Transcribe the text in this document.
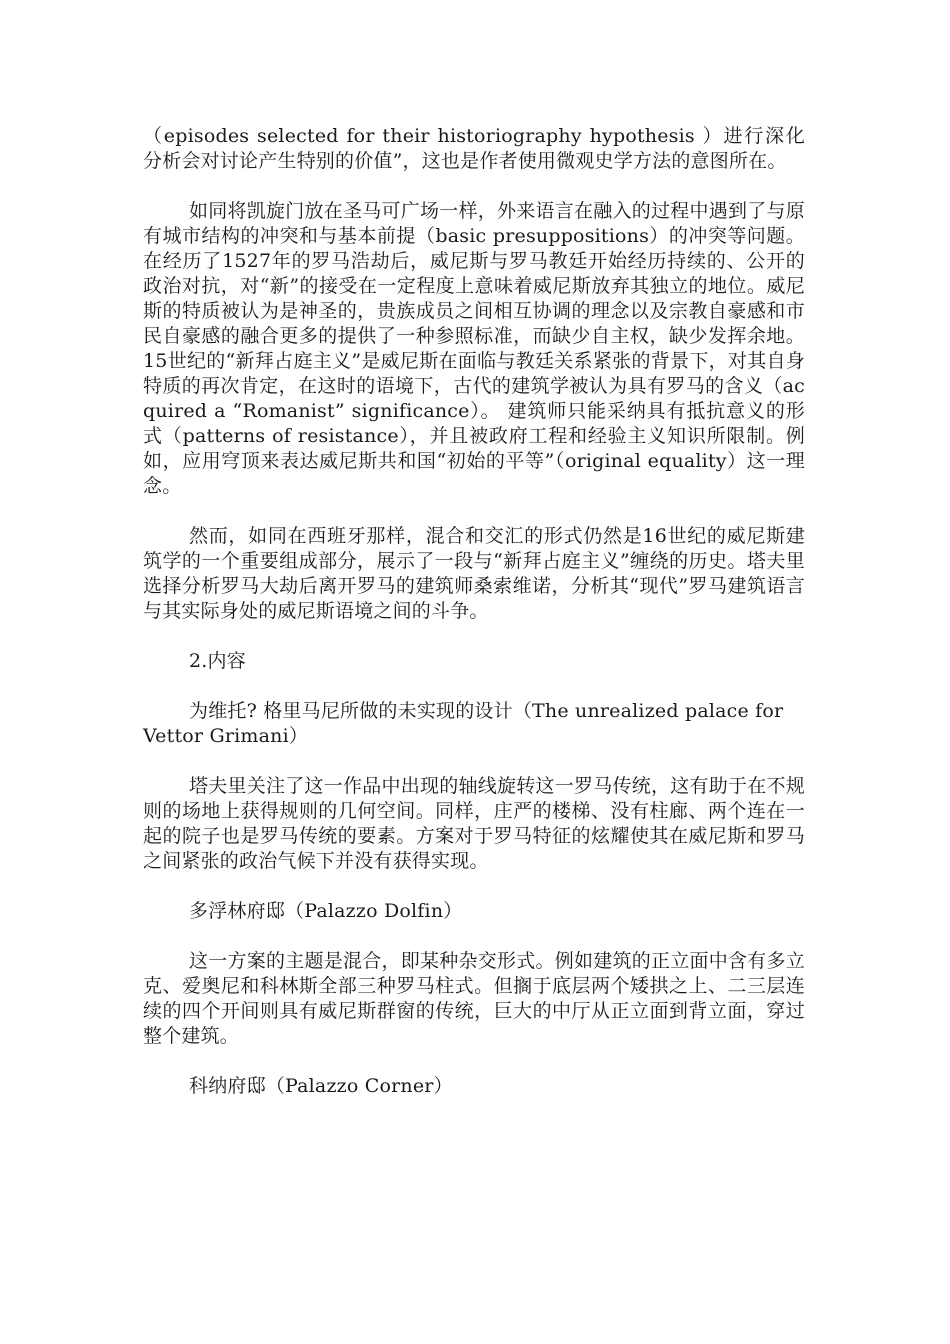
（episodes selected for their historiography hypothesis ）进行深化分析会对讨论产生特别的价值”，这也是作者使用微观史学方法的意图所在。

如同将凯旋门放在圣马可广场一样，外来语言在融入的过程中遇到了与原有城市结构的冲突和与基本前提（basic presuppositions）的冲突等问题。在经历了1527年的罗马浩劫后，威尼斯与罗马教廷开始经历持续的、公开的政治对抗，对“新”的接受在一定程度上意味着威尼斯放弃其独立的地位。威尼斯的特质被认为是神圣的，贵族成员之间相互协调的理念以及宗教自豪感和市民自豪感的融合更多的提供了一种参照标准，而缺少自主权，缺少发挥余地。15世纪的“新拜占庭主义”是威尼斯在面临与教廷关系紧张的背景下，对其自身特质的再次肯定，在这时的语境下，古代的建筑学被认为具有罗马的含义（acquired a “Romanist” significance）。 建筑师只能采纳具有抵抗意义的形式（patterns of resistance），并且被政府工程和经验主义知识所限制。例如，应用穹顶来表达威尼斯共和国“初始的平等”（original equality）这一理念。

然而，如同在西班牙那样，混合和交汇的形式仍然是16世纪的威尼斯建筑学的一个重要组成部分，展示了一段与“新拜占庭主义”缠绕的历史。塔夫里选择分析罗马大劫后离开罗马的建筑师桑索维诺，分析其“现代”罗马建筑语言与其实际身处的威尼斯语境之间的斗争。

2.内容

为维托? 格里马尼所做的未实现的设计（The unrealized palace for Vettor Grimani）

塔夫里关注了这一作品中出现的轴线旋转这一罗马传统，这有助于在不规则的场地上获得规则的几何空间。同样，庄严的楼梯、没有柱廊、两个连在一起的院子也是罗马传统的要素。方案对于罗马特征的炫耀使其在威尼斯和罗马之间紧张的政治气候下并没有获得实现。

多浮林府邸（Palazzo Dolfin）

这一方案的主题是混合，即某种杂交形式。例如建筑的正立面中含有多立克、爱奥尼和科林斯全部三种罗马柱式。但搁于底层两个矮拱之上、二三层连续的四个开间则具有威尼斯群窗的传统，巨大的中厅从正立面到背立面，穿过整个建筑。

科纳府邸（Palazzo Corner）
